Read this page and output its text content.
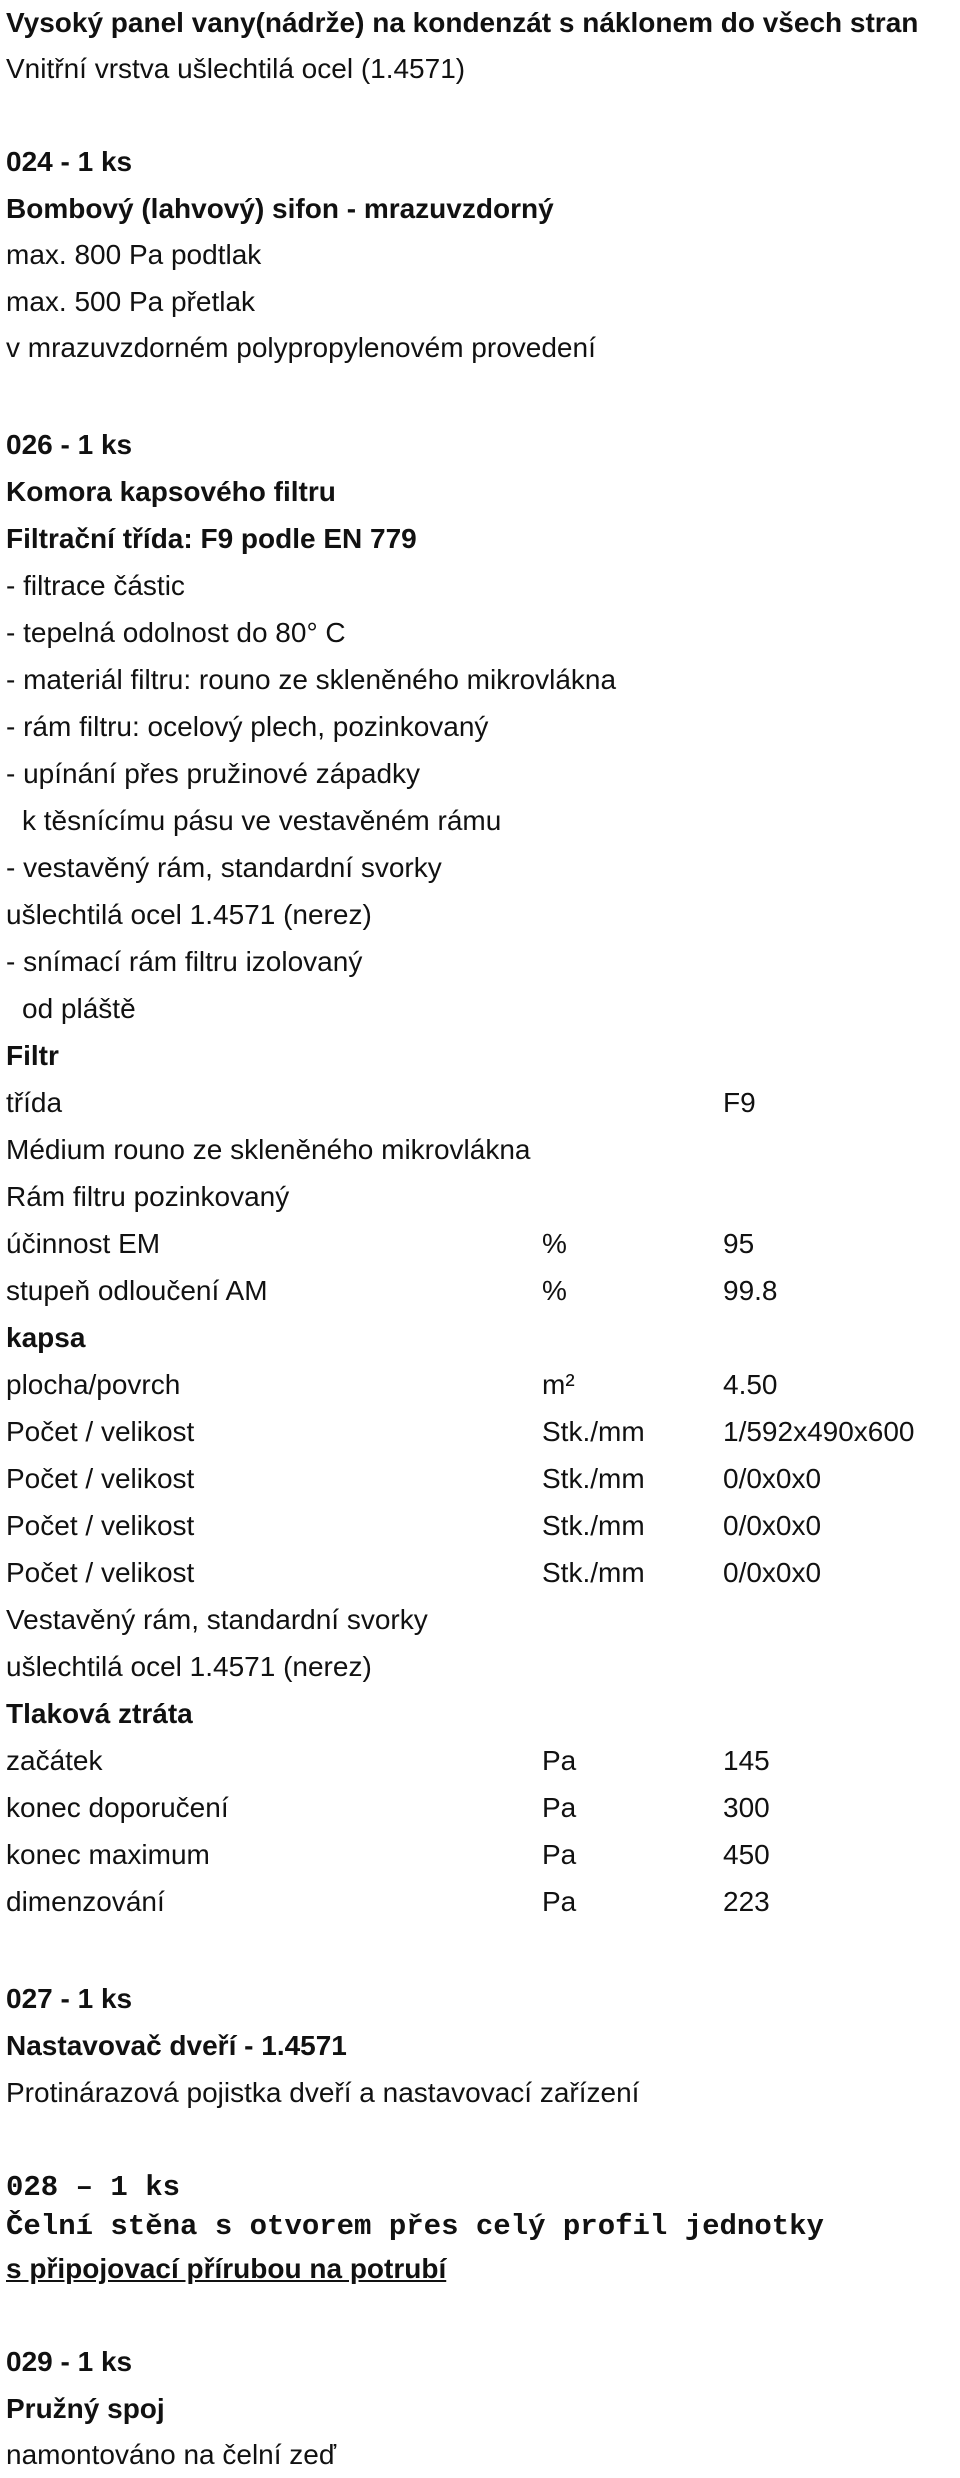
Vysoký panel vany(nádrže) na kondenzát s náklonem do všech stran
Vnitřní vrstva ušlechtilá ocel (1.4571)
024 - 1 ks
Bombový (lahvový) sifon - mrazuvzdorný
max. 800 Pa podtlak
max. 500 Pa přetlak
v mrazuvzdorném polypropylenovém provedení
026 - 1 ks
Komora kapsového filtru
Filtrační třída: F9 podle EN 779
- filtrace částic
- tepelná odolnost do 80° C
- materiál filtru: rouno ze skleněného mikrovlákna
- rám filtru: ocelový plech, pozinkovaný
- upínání přes pružinové západky
k těsnícímu pásu ve vestavěném rámu
- vestavěný rám, standardní svorky
ušlechtilá ocel 1.4571 (nerez)
- snímací rám filtru izolovaný
od pláště
Filtr
třída	F9
Médium rouno ze skleněného mikrovlákna
Rám filtru pozinkovaný
účinnost EM	%	95
stupeň odloučení AM	%	99.8
kapsa
plocha/povrch	m²	4.50
Počet / velikost	Stk./mm	1/592x490x600
Počet / velikost	Stk./mm	0/0x0x0
Počet / velikost	Stk./mm	0/0x0x0
Počet / velikost	Stk./mm	0/0x0x0
Vestavěný rám, standardní svorky
ušlechtilá ocel 1.4571 (nerez)
Tlaková ztráta
začátek	Pa	145
konec doporučení	Pa	300
konec maximum	Pa	450
dimenzování	Pa	223
027 - 1 ks
Nastavovač dveří - 1.4571
Protinárazová pojistka dveří a nastavovací zařízení
028 – 1 ks
Čelní stěna s otvorem přes celý profil jednotky
s připojovací přírubou na potrubí
029 - 1 ks
Pružný spoj
namontováno na čelní zeď
